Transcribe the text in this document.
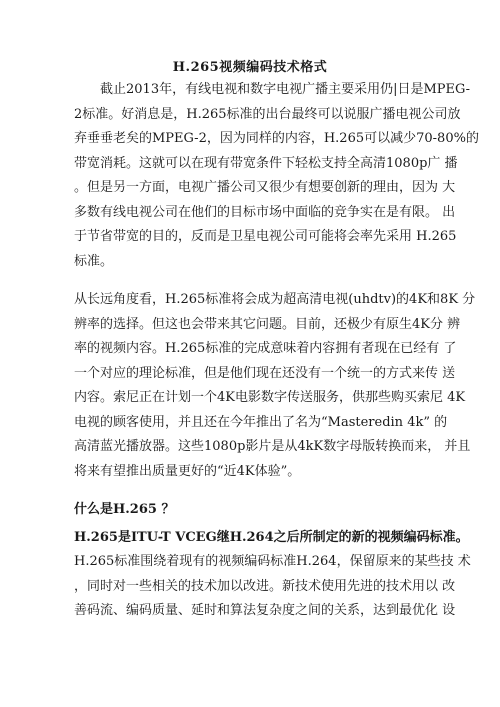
H.265视频编码技术格式
截止2013年，有线电视和数字电视广播主要采用仍|日是MPEG-
2标准。好消息是，H.265标准的出台最终可以说服广播电视公司放
弃垂垂老矣的MPEG-2，因为同样的内容，H.265可以减少70-80%的
带宽消耗。这就可以在现有带宽条件下轻松支持全高清1080p广 播
。但是另一方面，电视广播公司又很少有想要创新的理由，因为 大
多数有线电视公司在他们的目标市场中面临的竞争实在是有限。 出
于节省带宽的目的，反而是卫星电视公司可能将会率先采用 H.265
标准。
从长远角度看，H.265标准将会成为超高清电视(uhdtv)的4K和8K 分
辨率的选择。但这也会带来其它问题。目前，还极少有原生4K分 辨
率的视频内容。H.265标准的完成意味着内容拥有者现在已经有 了
一个对应的理论标准，但是他们现在还没有一个统一的方式来传 送
内容。索尼正在计划一个4K电影数字传送服务，供那些购买索尼 4K
电视的顾客使用，并且还在今年推出了名为“Masteredin 4k” 的
高清蓝光播放器。这些1080p影片是从4kK数字母版转换而来， 并且
将来有望推出质量更好的“近4K体验”。
什么是H.265 ？
H.265是ITU-T VCEG继H.264之后所制定的新的视频编码标准。
H.265标准围绕着现有的视频编码标准H.264，保留原来的某些技 术
，同时对一些相关的技术加以改进。新技术使用先进的技术用以 改
善码流、编码质量、延时和算法复杂度之间的关系，达到最优化 设
